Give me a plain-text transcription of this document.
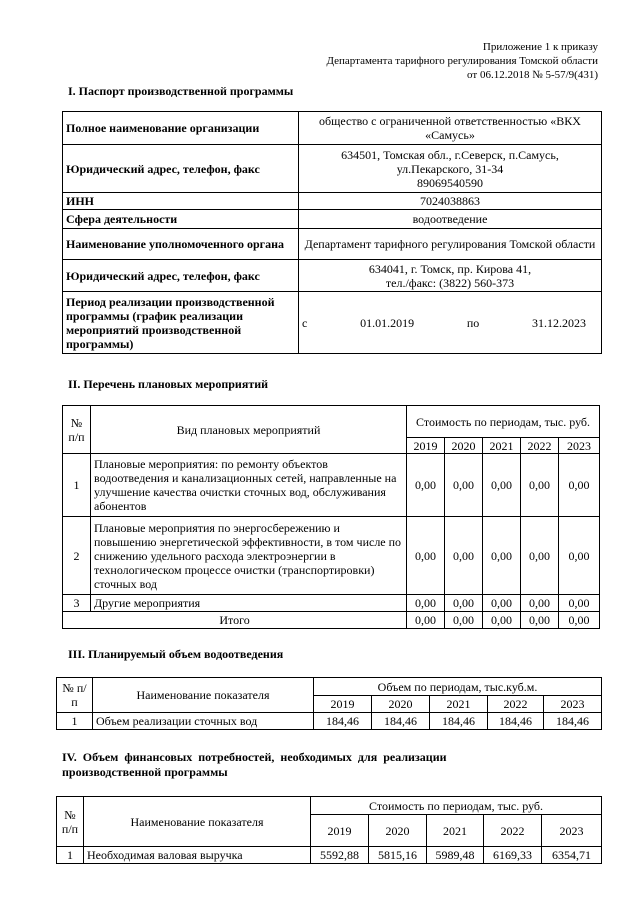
Приложение 1 к приказу
Департамента тарифного регулирования Томской области
от 06.12.2018 № 5-57/9(431)
I. Паспорт производственной программы
Полное наименование организации	общество с ограниченной ответственностью «ВКХ «Самусь»
Юридический адрес, телефон, факс	634501, Томская обл., г.Северск, п.Самусь,
ул.Пекарского, 31-34
89069540590

ИНН	7024038863
Сфера деятельности	водоотведение
Наименование уполномоченного органа	Департамент тарифного регулирования Томской области
Юридический адрес, телефон, факс	634041, г. Томск, пр. Кирова 41,
тел./факс: (3822) 560-373

Период реализации производственной программы (график реализации мероприятий производственной программы)	с 01.01.2019 по 31.12.2023
II. Перечень плановых мероприятий
№ п/п	Вид плановых мероприятий	Стоимость по периодам, тыс. руб.				
		2019	2020	2021	2022	2023
1	Плановые мероприятия: по ремонту объектов водоотведения и канализационных сетей, направленные на улучшение качества очистки сточных вод, обслуживания абонентов	0,00	0,00	0,00	0,00	0,00
2	Плановые мероприятия по энергосбережению и повышению энергетической эффективности, в том числе по снижению удельного расхода электроэнергии в технологическом процессе очистки (транспортировки) сточных вод	0,00	0,00	0,00	0,00	0,00
3	Другие мероприятия	0,00	0,00	0,00	0,00	0,00
Итого		0,00	0,00	0,00	0,00	0,00
III. Планируемый объем водоотведения
№ п/п	Наименование показателя	Объем по периодам, тыс.куб.м.				
		2019	2020	2021	2022	2023
1	Объем реализации сточных вод	184,46	184,46	184,46	184,46	184,46
IV. Объем финансовых потребностей, необходимых для реализации
производственной программы
№ п/п	Наименование показателя	Стоимость по периодам, тыс. руб.				
		2019	2020	2021	2022	2023
1	Необходимая валовая выручка	5592,88	5815,16	5989,48	6169,33	6354,71
